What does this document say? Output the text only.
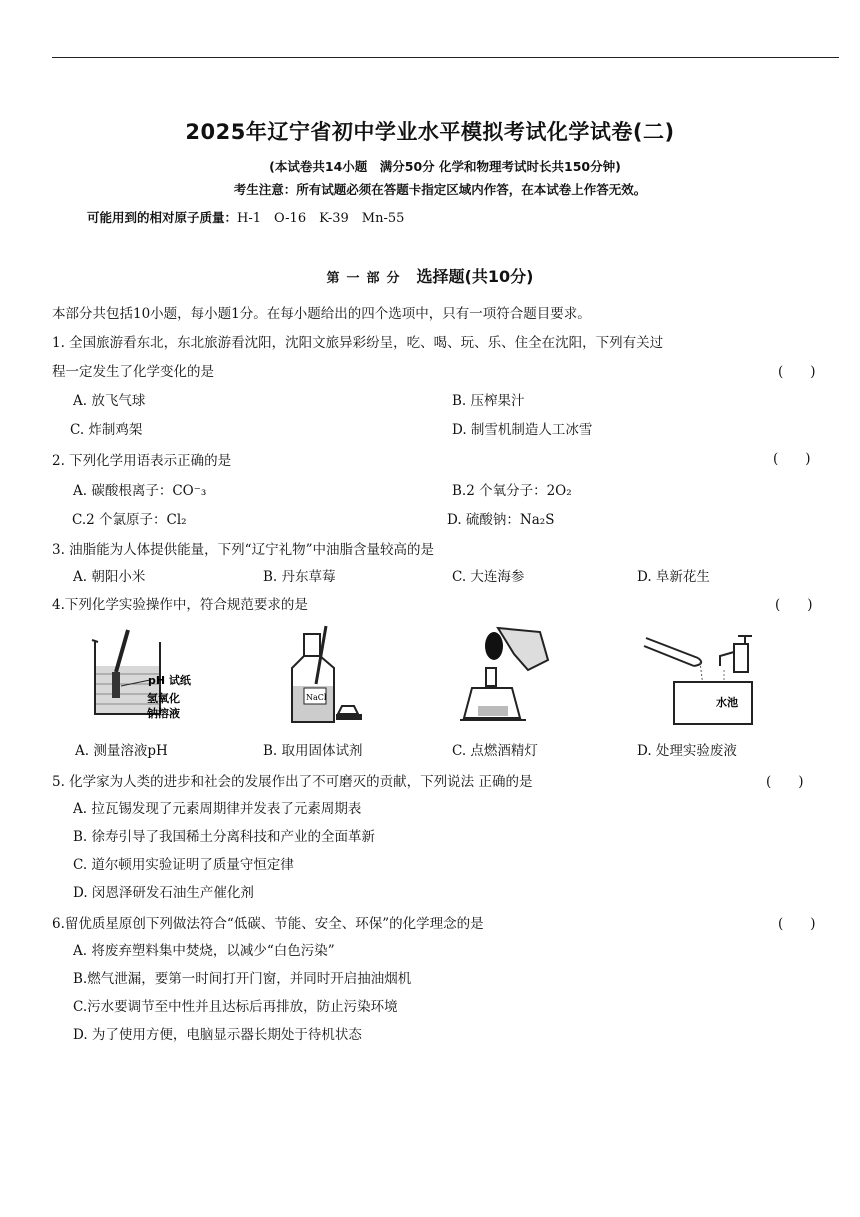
2025年辽宁省初中学业水平模拟考试化学试卷(二)
(本试卷共14小题　满分50分 化学和物理考试时长共150分钟)
考生注意：所有试题必须在答题卡指定区域内作答，在本试卷上作答无效。
可能用到的相对原子质量：H-1　O-16　K-39　Mn-55
第一部分 选择题(共10分)
本部分共包括10小题，每小题1分。在每小题给出的四个选项中，只有一项符合题目要求。
1. 全国旅游看东北，东北旅游看沈阳，沈阳文旅异彩纷呈，吃、喝、玩、乐、住全在沈阳，下列有关过
程一定发生了化学变化的是	(　　)
A. 放飞气球	B. 压榨果汁
C. 炸制鸡架	D. 制雪机制造人工冰雪
2. 下列化学用语表示正确的是	(　　)
A. 碳酸根离子：CO⁻₃	B.2 个氧分子：2O₂
C.2 个氯原子：Cl₂	D. 硫酸钠：Na₂S
3. 油脂能为人体提供能量，下列“辽宁礼物”中油脂含量较高的是
A. 朝阳小米	B. 丹东草莓	C. 大连海参	D. 阜新花生
4.下列化学实验操作中，符合规范要求的是	(　　)
pH 试纸
氢氧化
钠溶液
NaCl	水池
A. 测量溶液pH	B. 取用固体试剂	C. 点燃酒精灯	D. 处理实验废液
5. 化学家为人类的进步和社会的发展作出了不可磨灭的贡献，下列说法 正确的是	(　　)
A. 拉瓦锡发现了元素周期律并发表了元素周期表
B. 徐寿引导了我国稀土分离科技和产业的全面革新
C. 道尔顿用实验证明了质量守恒定律
D. 闵恩泽研发石油生产催化剂
6.留优质星原创下列做法符合“低碳、节能、安全、环保”的化学理念的是	(　　)
A. 将废弃塑料集中焚烧，以减少“白色污染”
B.燃气泄漏，要第一时间打开门窗，并同时开启抽油烟机
C.污水要调节至中性并且达标后再排放，防止污染环境
D. 为了使用方便，电脑显示器长期处于待机状态
